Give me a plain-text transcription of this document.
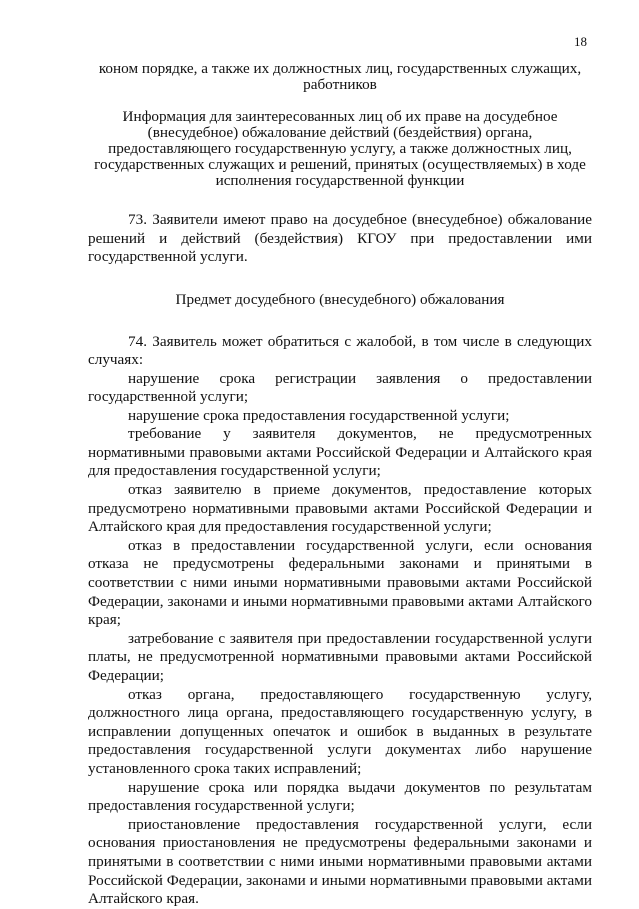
18

коном порядке, а также их должностных лиц, государственных служащих, работников

Информация для заинтересованных лиц об их праве на досудебное (внесудебное) обжалование действий (бездействия) органа, предоставляющего государственную услугу, а также должностных лиц, государственных служащих и решений, принятых (осуществляемых) в ходе исполнения государственной функции

73. Заявители имеют право на досудебное (внесудебное) обжалование решений и действий (бездействия) КГОУ при предоставлении ими государственной услуги.

Предмет досудебного (внесудебного) обжалования

74. Заявитель может обратиться с жалобой, в том числе в следующих случаях:

нарушение срока регистрации заявления о предоставлении государственной услуги;
нарушение срока предоставления государственной услуги;
требование у заявителя документов, не предусмотренных нормативными правовыми актами Российской Федерации и Алтайского края для предоставления государственной услуги;
отказ заявителю в приеме документов, предоставление которых предусмотрено нормативными правовыми актами Российской Федерации и Алтайского края для предоставления государственной услуги;
отказ в предоставлении государственной услуги, если основания отказа не предусмотрены федеральными законами и принятыми в соответствии с ними иными нормативными правовыми актами Российской Федерации, законами и иными нормативными правовыми актами Алтайского края;
затребование с заявителя при предоставлении государственной услуги платы, не предусмотренной нормативными правовыми актами Российской Федерации;
отказ органа, предоставляющего государственную услугу, должностного лица органа, предоставляющего государственную услугу, в исправлении допущенных опечаток и ошибок в выданных в результате предоставления государственной услуги документах либо нарушение установленного срока таких исправлений;
нарушение срока или порядка выдачи документов по результатам предоставления государственной услуги;
приостановление предоставления государственной услуги, если основания приостановления не предусмотрены федеральными законами и принятыми в соответствии с ними иными нормативными правовыми актами Российской Федерации, законами и иными нормативными правовыми актами Алтайского края.
